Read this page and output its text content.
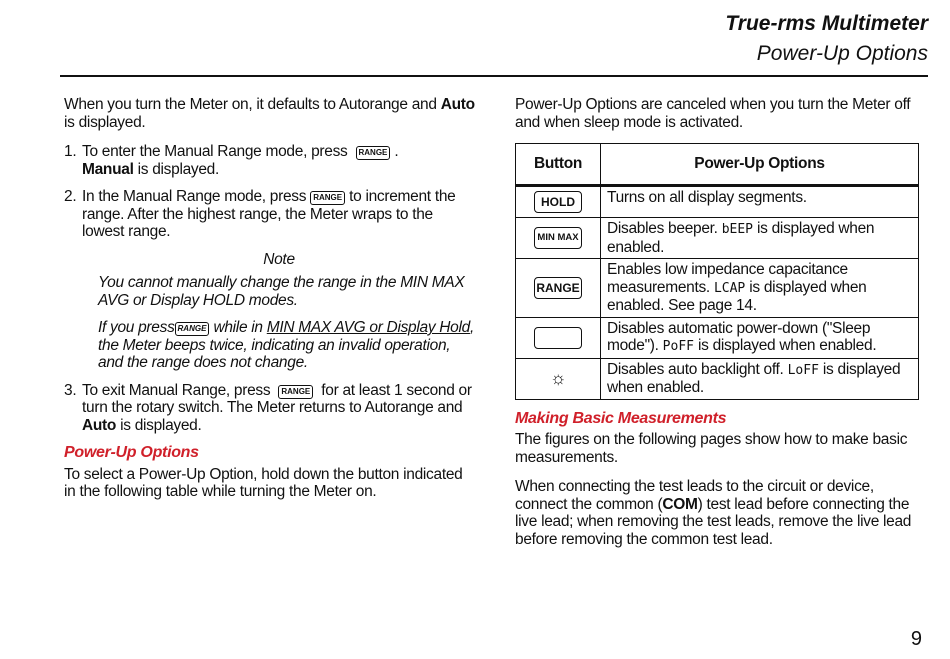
True-rms Multimeter
Power-Up Options

When you turn the Meter on, it defaults to Autorange and Auto is displayed.

1. To enter the Manual Range mode, press RANGE .
Manual is displayed.
2. In the Manual Range mode, press RANGE to increment the range. After the highest range, the Meter wraps to the lowest range.
Note
You cannot manually change the range in the MIN MAX AVG or Display HOLD modes.
If you press RANGE while in MIN MAX AVG or Display Hold, the Meter beeps twice, indicating an invalid operation, and the range does not change.
3. To exit Manual Range, press RANGE for at least 1 second or turn the rotary switch. The Meter returns to Autorange and Auto is displayed.
Power-Up Options

To select a Power-Up Option, hold down the button indicated in the following table while turning the Meter on.

Power-Up Options are canceled when you turn the Meter off and when sleep mode is activated.

Button	Power-Up Options
HOLD	Turns on all display segments.
MIN MAX	Disables beeper. bEEP is displayed when enabled.
RANGE	Enables low impedance capacitance measurements. LCAP is displayed when enabled. See page 14.
	Disables automatic power-down ("Sleep mode"). PoFF is displayed when enabled.
☼	Disables auto backlight off. LoFF is displayed when enabled.
Making Basic Measurements

The figures on the following pages show how to make basic measurements.

When connecting the test leads to the circuit or device, connect the common (COM) test lead before connecting the live lead; when removing the test leads, remove the live lead before removing the common test lead.

9
